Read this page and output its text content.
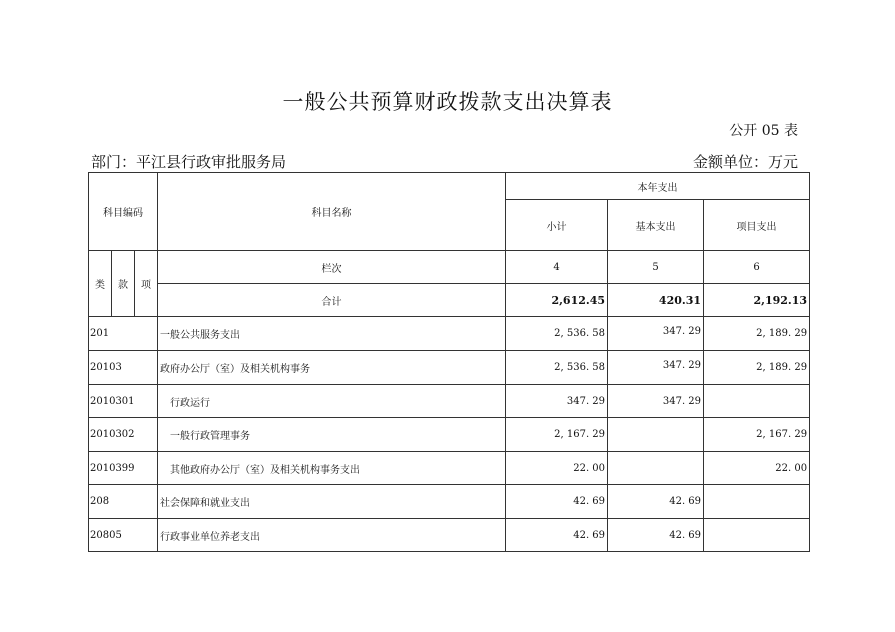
一般公共预算财政拨款支出决算表
公开 05 表
部门：平江县行政审批服务局	金额单位：万元
科目编码			科目名称	本年支出		
				小计	基本支出	项目支出
类	款	项	栏次	4	5	6
			合计	2,612.45	420.31	2,192.13
201			一般公共服务支出	2, 536. 58	347. 29	2, 189. 29
20103			政府办公厅（室）及相关机构事务	2, 536. 58	347. 29	2, 189. 29
2010301			行政运行	347. 29	347. 29	
2010302			一般行政管理事务	2, 167. 29		2, 167. 29
2010399			其他政府办公厅（室）及相关机构事务支出	22. 00		22. 00
208			社会保障和就业支出	42. 69	42. 69	
20805			行政事业单位养老支出	42. 69	42. 69	
